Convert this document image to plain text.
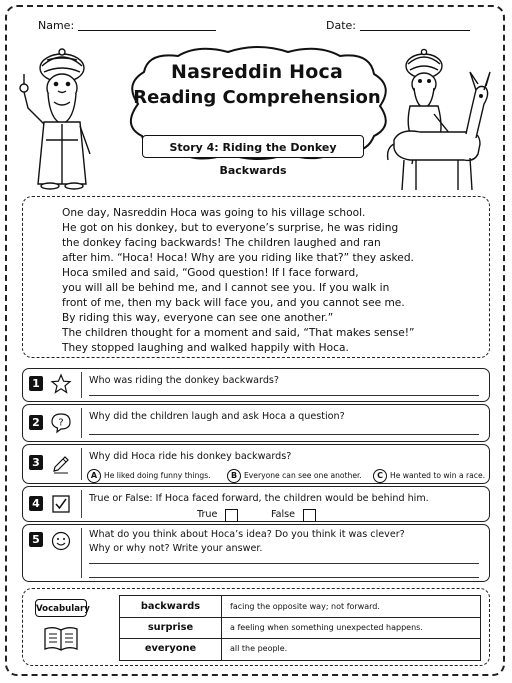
Name:	Date:
Nasreddin Hoca
Reading Comprehension
Story 4: Riding the Donkey Backwards
One day, Nasreddin Hoca was going to his village school.
He got on his donkey, but to everyone’s surprise, he was riding
the donkey facing backwards! The children laughed and ran
after him. “Hoca! Hoca! Why are you riding like that?” they asked.
Hoca smiled and said, “Good question! If I face forward,
you will all be behind me, and I cannot see you. If you walk in
front of me, then my back will face you, and you cannot see me.
By riding this way, everyone can see one another.”
The children thought for a moment and said, “That makes sense!”
They stopped laughing and walked happily with Hoca.
1	Who was riding the donkey backwards?
2	?
Why did the children laugh and ask Hoca a question?
3	Why did Hoca ride his donkey backwards?
A He liked doing funny things.	B Everyone can see one another.	C He wanted to win a race.
4	True or False: If Hoca faced forward, the children would be behind him.
True	False
5	What do you think about Hoca’s idea? Do you think it was clever?
Why or why not? Write your answer.
Vocabulary	backwards	facing the opposite way; not forward.
surprise	a feeling when something unexpected happens.
everyone	all the people.
